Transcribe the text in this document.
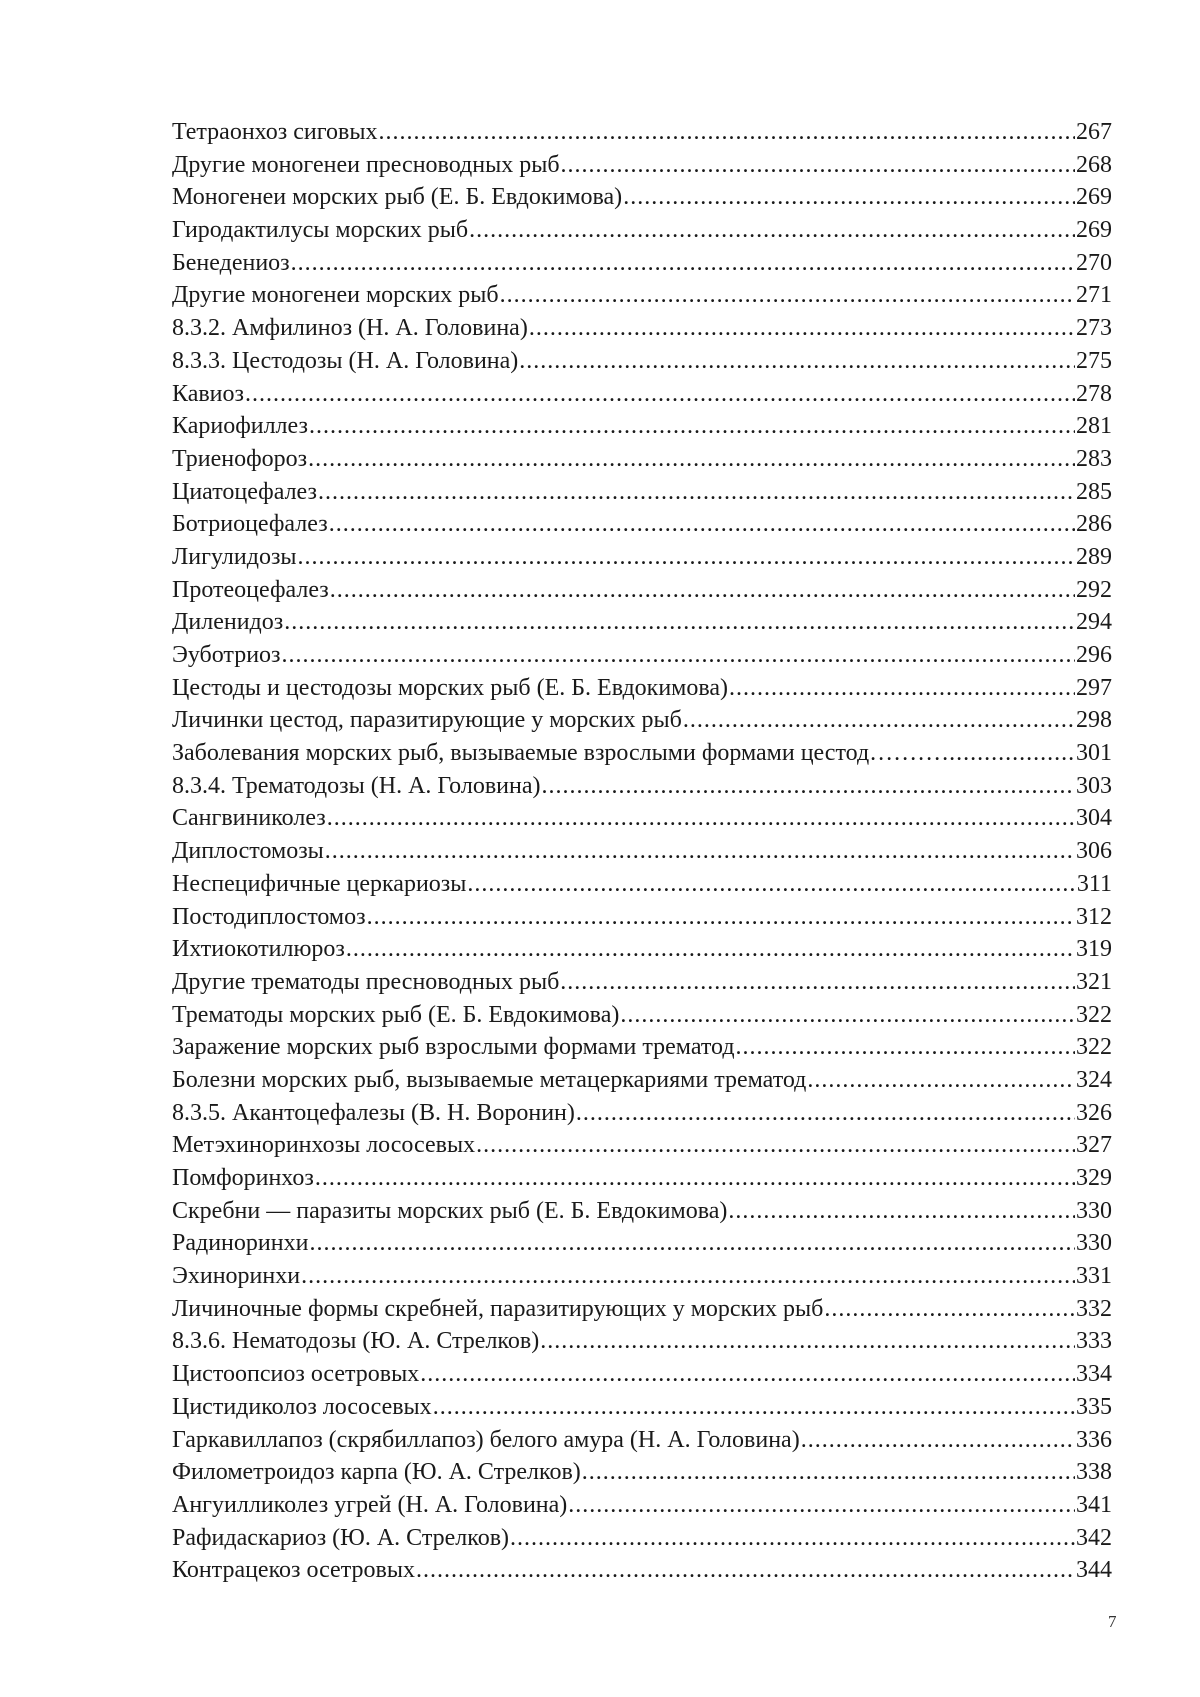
Тетраонхоз сиговых .....	267
Другие моногенеи пресноводных рыб .....	268
Моногенеи морских рыб (Е. Б. Евдокимова) .....	269
Гиродактилусы морских рыб .....	269
Бенедениоз .....	270
Другие моногенеи морских рыб .....	271
8.3.2. Амфилиноз (Н. А. Головина) .....	273
8.3.3. Цестодозы (Н. А. Головина) .....	275
Кавиоз .....	278
Кариофиллез .....	281
Триенофороз .....	283
Циатоцефалез .....	285
Ботриоцефалез .....	286
Лигулидозы .....	289
Протеоцефалез .....	292
Диленидоз .....	294
Эуботриоз .....	296
Цестоды и цестодозы морских рыб (Е. Б. Евдокимова) .....	297
Личинки цестод, паразитирующие у морских рыб .....	298
Заболевания морских рыб, вызываемые взрослыми формами цестод……… .....	301
8.3.4. Трематодозы (Н. А. Головина) .....	303
Сангвиниколез .....	304
Диплостомозы .....	306
Неспецифичные церкариозы .....	311
Постодиплостомоз .....	312
Ихтиокотилюроз .....	319
Другие трематоды пресноводных рыб .....	321
Трематоды морских рыб (Е. Б. Евдокимова) .....	322
Заражение морских рыб взрослыми формами трематод .....	322
Болезни морских рыб, вызываемые метацеркариями трематод .....	324
8.3.5. Акантоцефалезы (В. Н. Воронин) .....	326
Метэхиноринхозы лососевых .....	327
Помфоринхоз .....	329
Скребни — паразиты морских рыб (Е. Б. Евдокимова) .....	330
Радиноринхи .....	330
Эхиноринхи .....	331
Личиночные формы скребней, паразитирующих у морских рыб .....	332
8.3.6. Нематодозы (Ю. А. Стрелков) .....	333
Цистоопсиоз осетровых .....	334
Цистидиколоз лососевых .....	335
Гаркавиллапоз (скрябиллапоз) белого амура (Н. А. Головина) .....	336
Филометроидоз карпа (Ю. А. Стрелков) .....	338
Ангуилликолез угрей (Н. А. Головина) .....	341
Рафидаскариоз (Ю. А. Стрелков) .....	342
Контрацекоз осетровых .....	344
7
